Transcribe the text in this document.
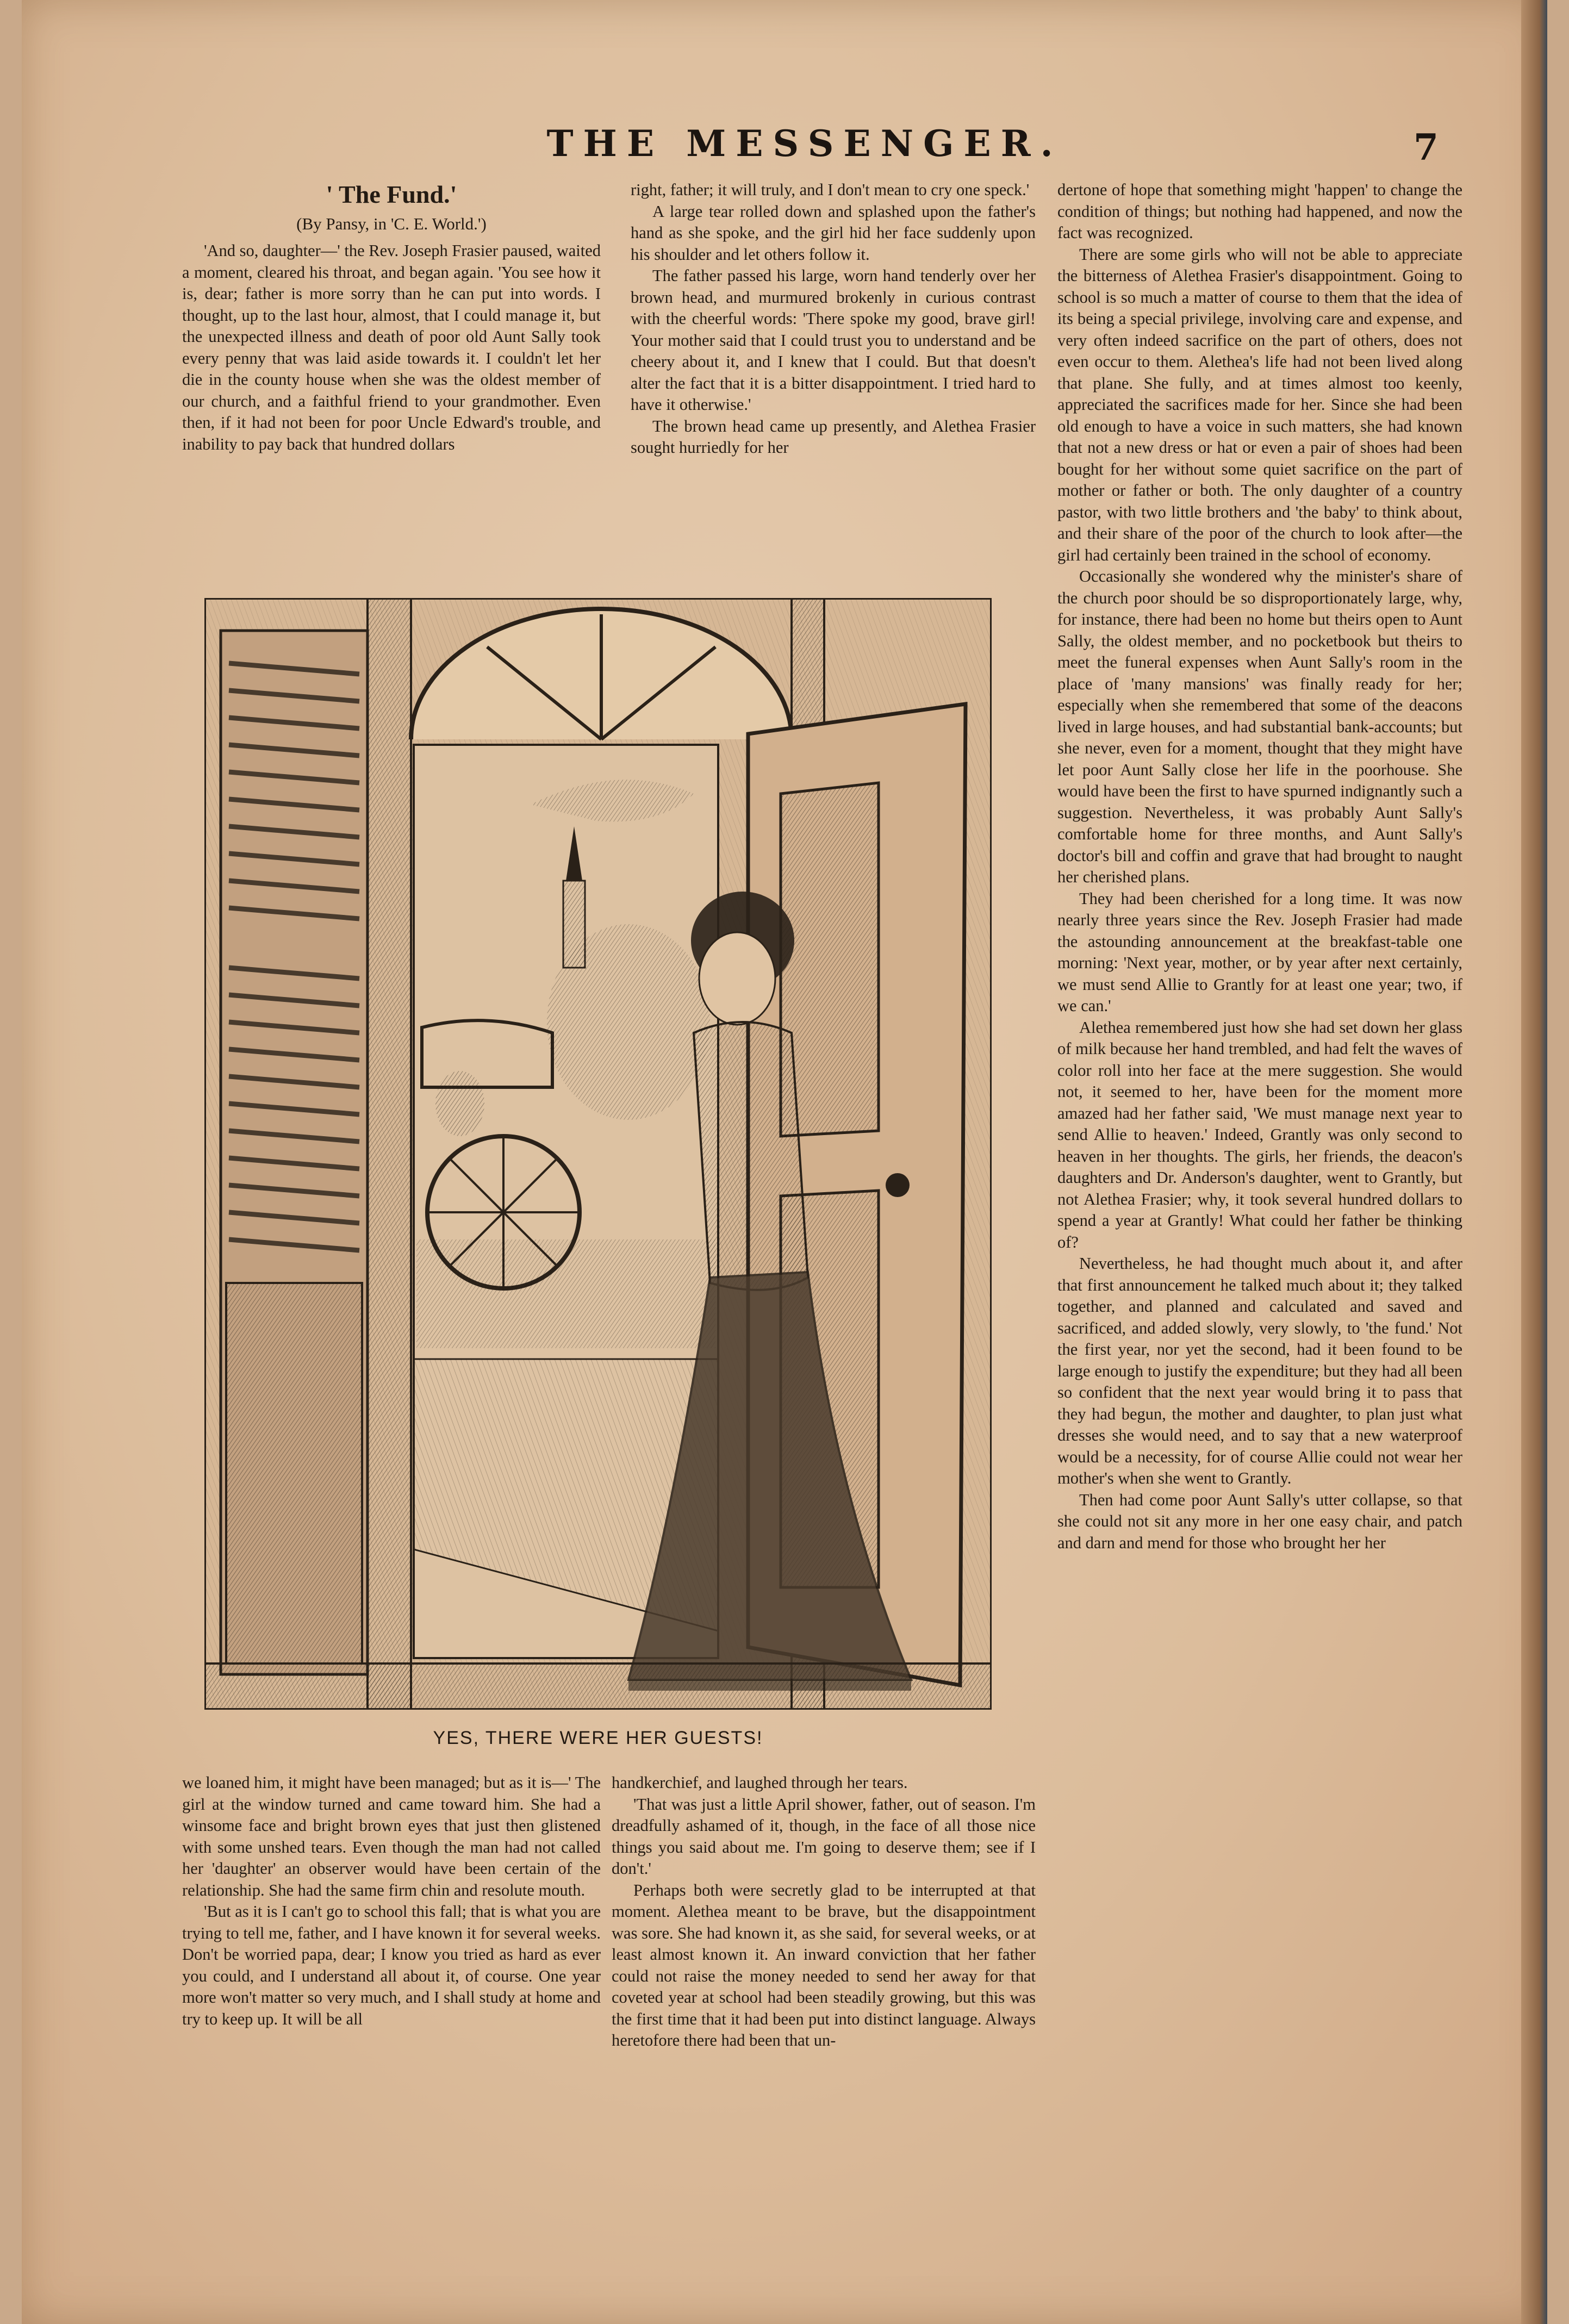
THE MESSENGER.	7
' The Fund.'
(By Pansy, in 'C. E. World.')

'And so, daughter—' the Rev. Joseph Frasier paused, waited a moment, cleared his throat, and began again. 'You see how it is, dear; father is more sorry than he can put into words. I thought, up to the last hour, almost, that I could manage it, but the unexpected illness and death of poor old Aunt Sally took every penny that was laid aside towards it. I couldn't let her die in the county house when she was the oldest member of our church, and a faithful friend to your grandmother. Even then, if it had not been for poor Uncle Edward's trouble, and inability to pay back that hundred dollars

right, father; it will truly, and I don't mean to cry one speck.'

A large tear rolled down and splashed upon the father's hand as she spoke, and the girl hid her face suddenly upon his shoulder and let others follow it.

The father passed his large, worn hand tenderly over her brown head, and murmured brokenly in curious contrast with the cheerful words: 'There spoke my good, brave girl! Your mother said that I could trust you to understand and be cheery about it, and I knew that I could. But that doesn't alter the fact that it is a bitter disappointment. I tried hard to have it otherwise.'

The brown head came up presently, and Alethea Frasier sought hurriedly for her

dertone of hope that something might 'happen' to change the condition of things; but nothing had happened, and now the fact was recognized.

There are some girls who will not be able to appreciate the bitterness of Alethea Frasier's disappointment. Going to school is so much a matter of course to them that the idea of its being a special privilege, involving care and expense, and very often indeed sacrifice on the part of others, does not even occur to them. Alethea's life had not been lived along that plane. She fully, and at times almost too keenly, appreciated the sacrifices made for her. Since she had been old enough to have a voice in such matters, she had known that not a new dress or hat or even a pair of shoes had been bought for her without some quiet sacrifice on the part of mother or father or both. The only daughter of a country pastor, with two little brothers and 'the baby' to think about, and their share of the poor of the church to look after—the girl had certainly been trained in the school of economy.

Occasionally she wondered why the minister's share of the church poor should be so disproportionately large, why, for instance, there had been no home but theirs open to Aunt Sally, the oldest member, and no pocketbook but theirs to meet the funeral expenses when Aunt Sally's room in the place of 'many mansions' was finally ready for her; especially when she remembered that some of the deacons lived in large houses, and had substantial bank-accounts; but she never, even for a moment, thought that they might have let poor Aunt Sally close her life in the poorhouse. She would have been the first to have spurned indignantly such a suggestion. Nevertheless, it was probably Aunt Sally's comfortable home for three months, and Aunt Sally's doctor's bill and coffin and grave that had brought to naught her cherished plans.

They had been cherished for a long time. It was now nearly three years since the Rev. Joseph Frasier had made the astounding announcement at the breakfast-table one morning: 'Next year, mother, or by year after next certainly, we must send Allie to Grantly for at least one year; two, if we can.'

Alethea remembered just how she had set down her glass of milk because her hand trembled, and had felt the waves of color roll into her face at the mere suggestion. She would not, it seemed to her, have been for the moment more amazed had her father said, 'We must manage next year to send Allie to heaven.' Indeed, Grantly was only second to heaven in her thoughts. The girls, her friends, the deacon's daughters and Dr. Anderson's daughter, went to Grantly, but not Alethea Frasier; why, it took several hundred dollars to spend a year at Grantly! What could her father be thinking of?

Nevertheless, he had thought much about it, and after that first announcement he talked much about it; they talked together, and planned and calculated and saved and sacrificed, and added slowly, very slowly, to 'the fund.' Not the first year, nor yet the second, had it been found to be large enough to justify the expenditure; but they had all been so confident that the next year would bring it to pass that they had begun, the mother and daughter, to plan just what dresses she would need, and to say that a new waterproof would be a necessity, for of course Allie could not wear her mother's when she went to Grantly.

Then had come poor Aunt Sally's utter collapse, so that she could not sit any more in her one easy chair, and patch and darn and mend for those who brought her her

YES, THERE WERE HER GUESTS!

we loaned him, it might have been managed; but as it is—' The girl at the window turned and came toward him. She had a winsome face and bright brown eyes that just then glistened with some unshed tears. Even though the man had not called her 'daughter' an observer would have been certain of the relationship. She had the same firm chin and resolute mouth.

'But as it is I can't go to school this fall; that is what you are trying to tell me, father, and I have known it for several weeks. Don't be worried papa, dear; I know you tried as hard as ever you could, and I understand all about it, of course. One year more won't matter so very much, and I shall study at home and try to keep up. It will be all

handkerchief, and laughed through her tears.

'That was just a little April shower, father, out of season. I'm dreadfully ashamed of it, though, in the face of all those nice things you said about me. I'm going to deserve them; see if I don't.'

Perhaps both were secretly glad to be interrupted at that moment. Alethea meant to be brave, but the disappointment was sore. She had known it, as she said, for several weeks, or at least almost known it. An inward conviction that her father could not raise the money needed to send her away for that coveted year at school had been steadily growing, but this was the first time that it had been put into distinct language. Always heretofore there had been that un-
